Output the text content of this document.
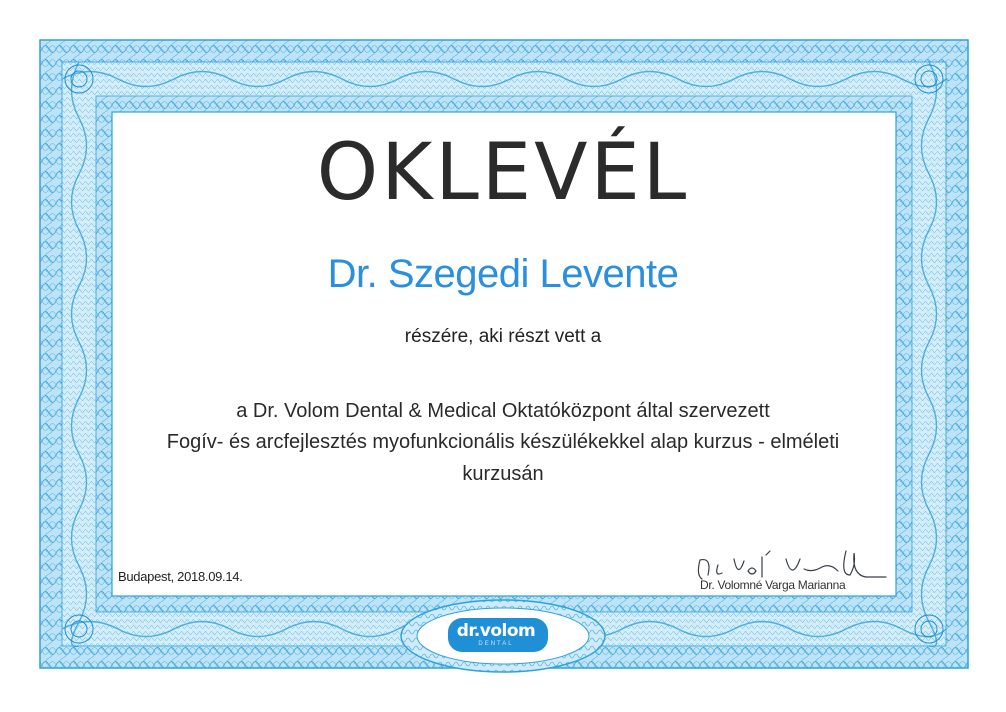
dr.volom
DENTAL
OKLEVÉL
Dr. Szegedi Levente
részére, aki részt vett a
a Dr. Volom Dental & Medical Oktatóközpont által szervezett
Fogív- és arcfejlesztés myofunkcionális készülékekkel alap kurzus - elméleti
kurzusán
Budapest, 2018.09.14.
Dr. Volomné Varga Marianna
